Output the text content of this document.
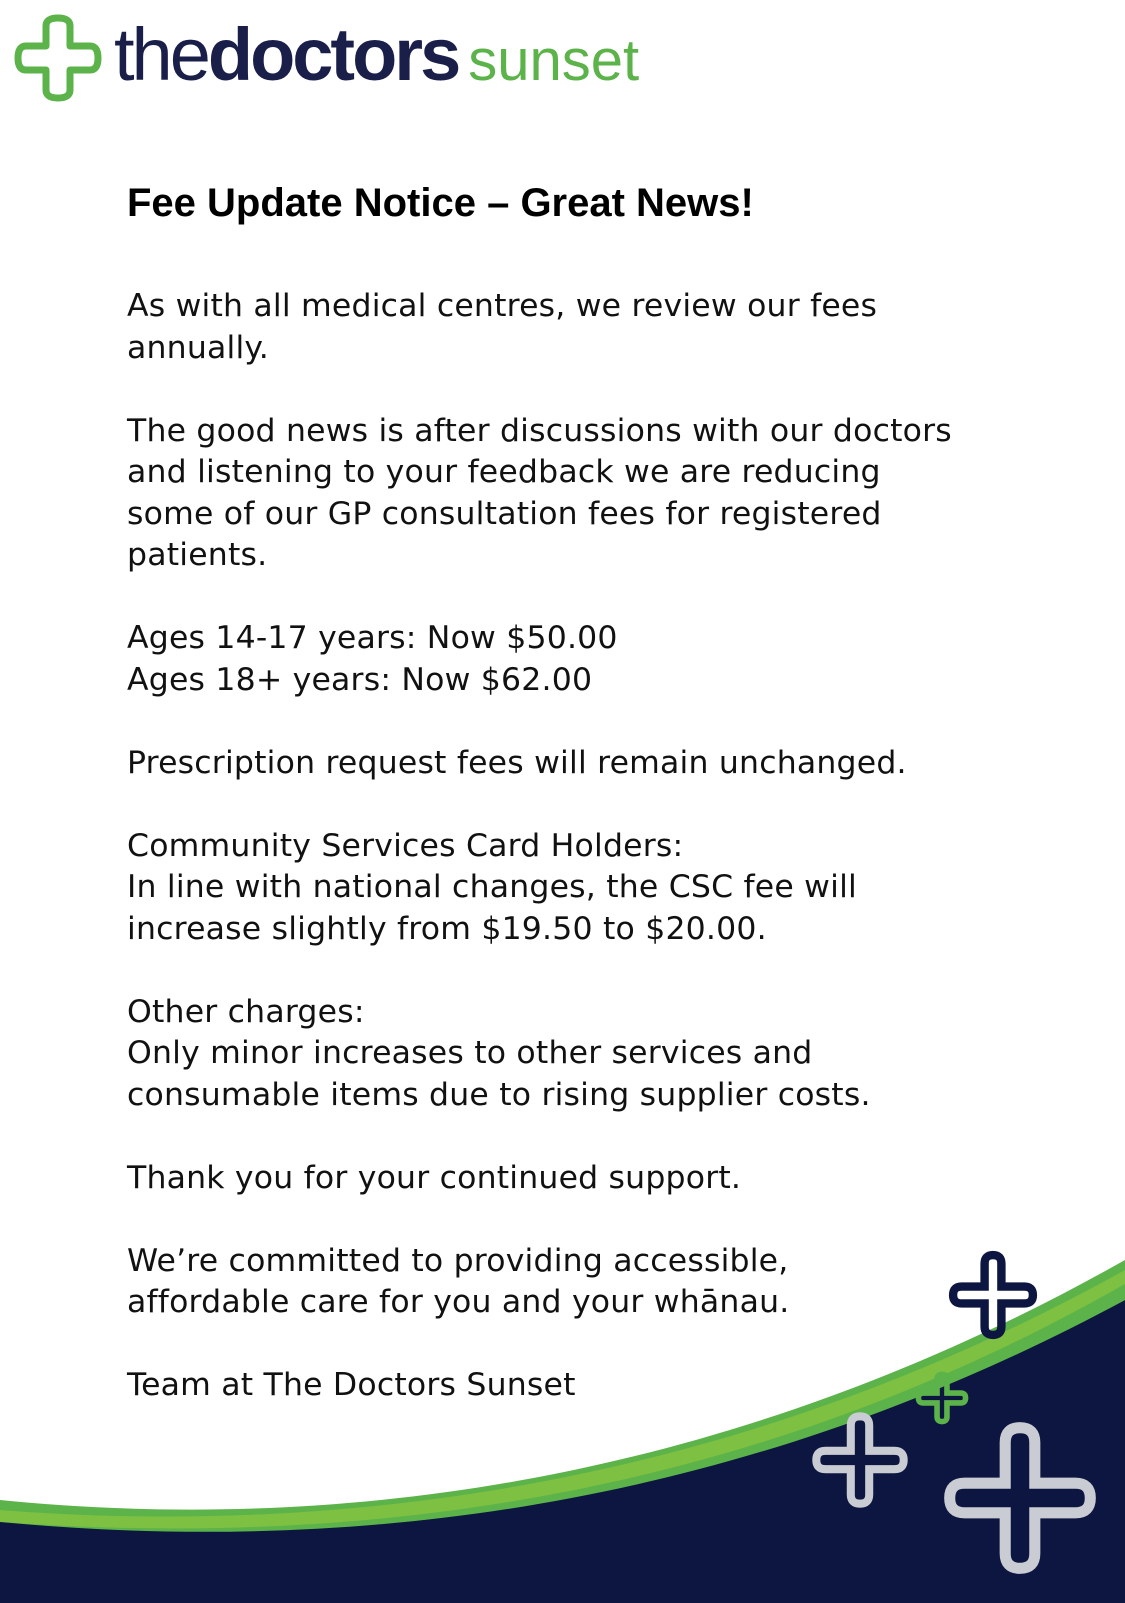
thedoctors sunset
Fee Update Notice – Great News!
As with all medical centres, we review our fees
annually.
The good news is after discussions with our doctors
and listening to your feedback we are reducing
some of our GP consultation fees for registered
patients.
Ages 14-17 years: Now $50.00
Ages 18+ years: Now $62.00
Prescription request fees will remain unchanged.
Community Services Card Holders:
In line with national changes, the CSC fee will
increase slightly from $19.50 to $20.00.
Other charges:
Only minor increases to other services and
consumable items due to rising supplier costs.
Thank you for your continued support.
We’re committed to providing accessible,
affordable care for you and your whānau.
Team at The Doctors Sunset
